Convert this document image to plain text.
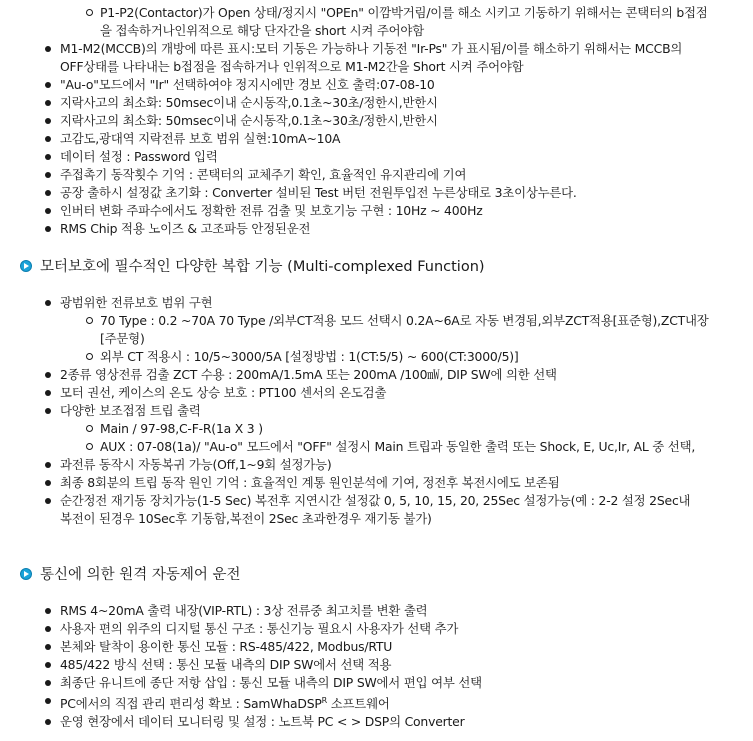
P1-P2(Contactor)가 Open 상태/정지시 "OPEn" 이깜박거림/이를 해소 시키고 기동하기 위해서는 콘택터의 b접점을 접속하거나인위적으로 해당 단자간을 short 시켜 주어야함
M1-M2(MCCB)의 개방에 따른 표시:모터 기동은 가능하나 기동전 "Ir-Ps" 가 표시됨/이를 해소하기 위해서는 MCCB의 OFF상태를 나타내는 b접점을 접속하거나 인위적으로 M1-M2간을 Short 시켜 주어야함
"Au-o"모드에서 "Ir" 선택하여야 정지시에만 경보 신호 출력:07-08-10
지락사고의 최소화: 50msec이내 순시동작,0.1초~30초/정한시,반한시
지락사고의 최소화: 50msec이내 순시동작,0.1초~30초/정한시,반한시
고감도,광대역 지락전류 보호 범위 실현:10mA~10A
데이터 설정 : Password 입력
주접촉기 동작횟수 기억 : 콘택터의 교체주기 확인, 효율적인 유지관리에 기여
공장 출하시 설정값 초기화 : Converter 설비된 Test 버턴 전원투입전 누른상태로 3초이상누른다.
인버터 변화 주파수에서도 정확한 전류 검출 및 보호기능 구현 : 10Hz ~ 400Hz
RMS Chip 적용 노이즈 & 고조파등 안정된운전
모터보호에 필수적인 다양한 복합 기능 (Multi-complexed Function)
광범위한 전류보호 범위 구현
70 Type : 0.2 ~70A 70 Type /외부CT적용 모드 선택시 0.2A~6A로 자동 변경됨,외부ZCT적용[표준형),ZCT내장[주문형)
외부 CT 적용시 : 10/5~3000/5A [설정방법 : 1(CT:5/5) ~ 600(CT:3000/5)]
2종류 영상전류 검출 ZCT 수용 : 200mA/1.5mA 또는 200mA /100㎽, DIP SW에 의한 선택
모터 권선, 케이스의 온도 상승 보호 : PT100 센서의 온도검출
다양한 보조접점 트립 출력
Main / 97-98,C-F-R(1a X 3 )
AUX : 07-08(1a)/ "Au-o" 모드에서 "OFF" 설정시 Main 트립과 동일한 출력 또는 Shock, E, Uc,Ir, AL 중 선택,
과전류 동작시 자동복귀 가능(Off,1~9회 설정가능)
최종 8회분의 트립 동작 원인 기억 : 효율적인 계통 원인분석에 기여, 정전후 복전시에도 보존됨
순간정전 재기동 장치가능(1-5 Sec) 복전후 지연시간 설정값 0, 5, 10, 15, 20, 25Sec 설정가능(예 : 2-2 설정 2Sec내 복전이 된경우 10Sec후 기동함,복전이 2Sec 초과한경우 재기동 불가)
통신에 의한 원격 자동제어 운전
RMS 4~20mA 출력 내장(VIP-RTL) : 3상 전류중 최고치를 변환 출력
사용자 편의 위주의 디지털 통신 구조 : 통신기능 필요시 사용자가 선택 추가
본체와 탈착이 용이한 통신 모듈 : RS-485/422, Modbus/RTU
485/422 방식 선택 : 통신 모듈 내측의 DIP SW에서 선택 적용
최종단 유니트에 종단 저항 삽입 : 통신 모듈 내측의 DIP SW에서 편입 여부 선택
PC에서의 직접 관리 편리성 확보 : SamWhaDSP$^R$ 소프트웨어
운영 현장에서 데이터 모니터링 및 설정 : 노트북 PC < > DSP의 Converter
